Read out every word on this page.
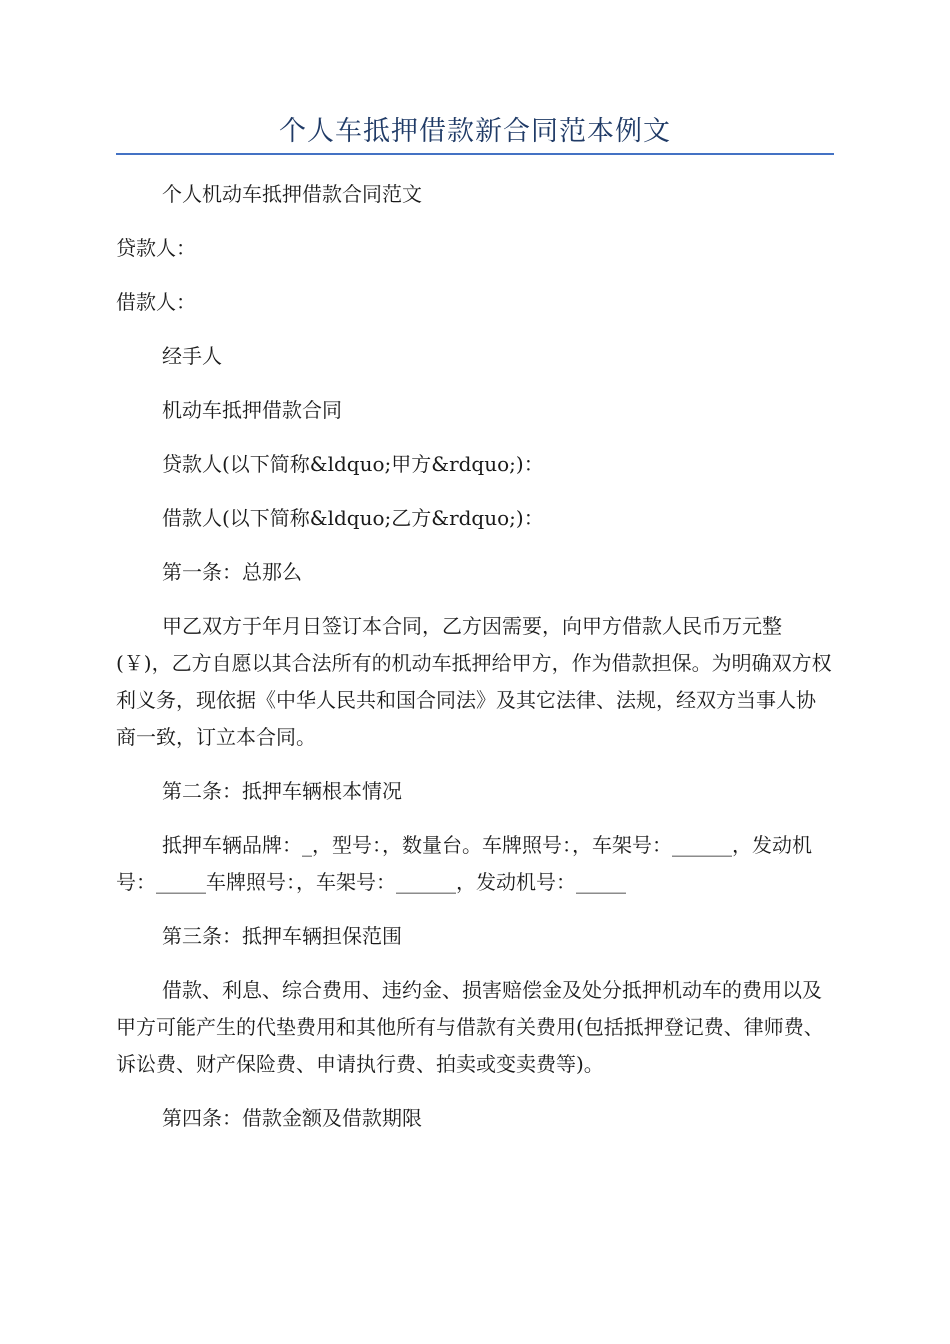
个人车抵押借款新合同范本例文

个人机动车抵押借款合同范文

贷款人：

借款人：

经手人

机动车抵押借款合同

贷款人(以下简称&ldquo;甲方&rdquo;)：

借款人(以下简称&ldquo;乙方&rdquo;)：

第一条：总那么

甲乙双方于年月日签订本合同，乙方因需要，向甲方借款人民币万元整(￥)，乙方自愿以其合法所有的机动车抵押给甲方，作为借款担保。为明确双方权利义务，现依据《中华人民共和国合同法》及其它法律、法规，经双方当事人协商一致，订立本合同。

第二条：抵押车辆根本情况

抵押车辆品牌：_，型号：，数量台。车牌照号：，车架号：______，发动机号：_____车牌照号：，车架号：______，发动机号：_____

第三条：抵押车辆担保范围

借款、利息、综合费用、违约金、损害赔偿金及处分抵押机动车的费用以及甲方可能产生的代垫费用和其他所有与借款有关费用(包括抵押登记费、律师费、诉讼费、财产保险费、申请执行费、拍卖或变卖费等)。

第四条：借款金额及借款期限
